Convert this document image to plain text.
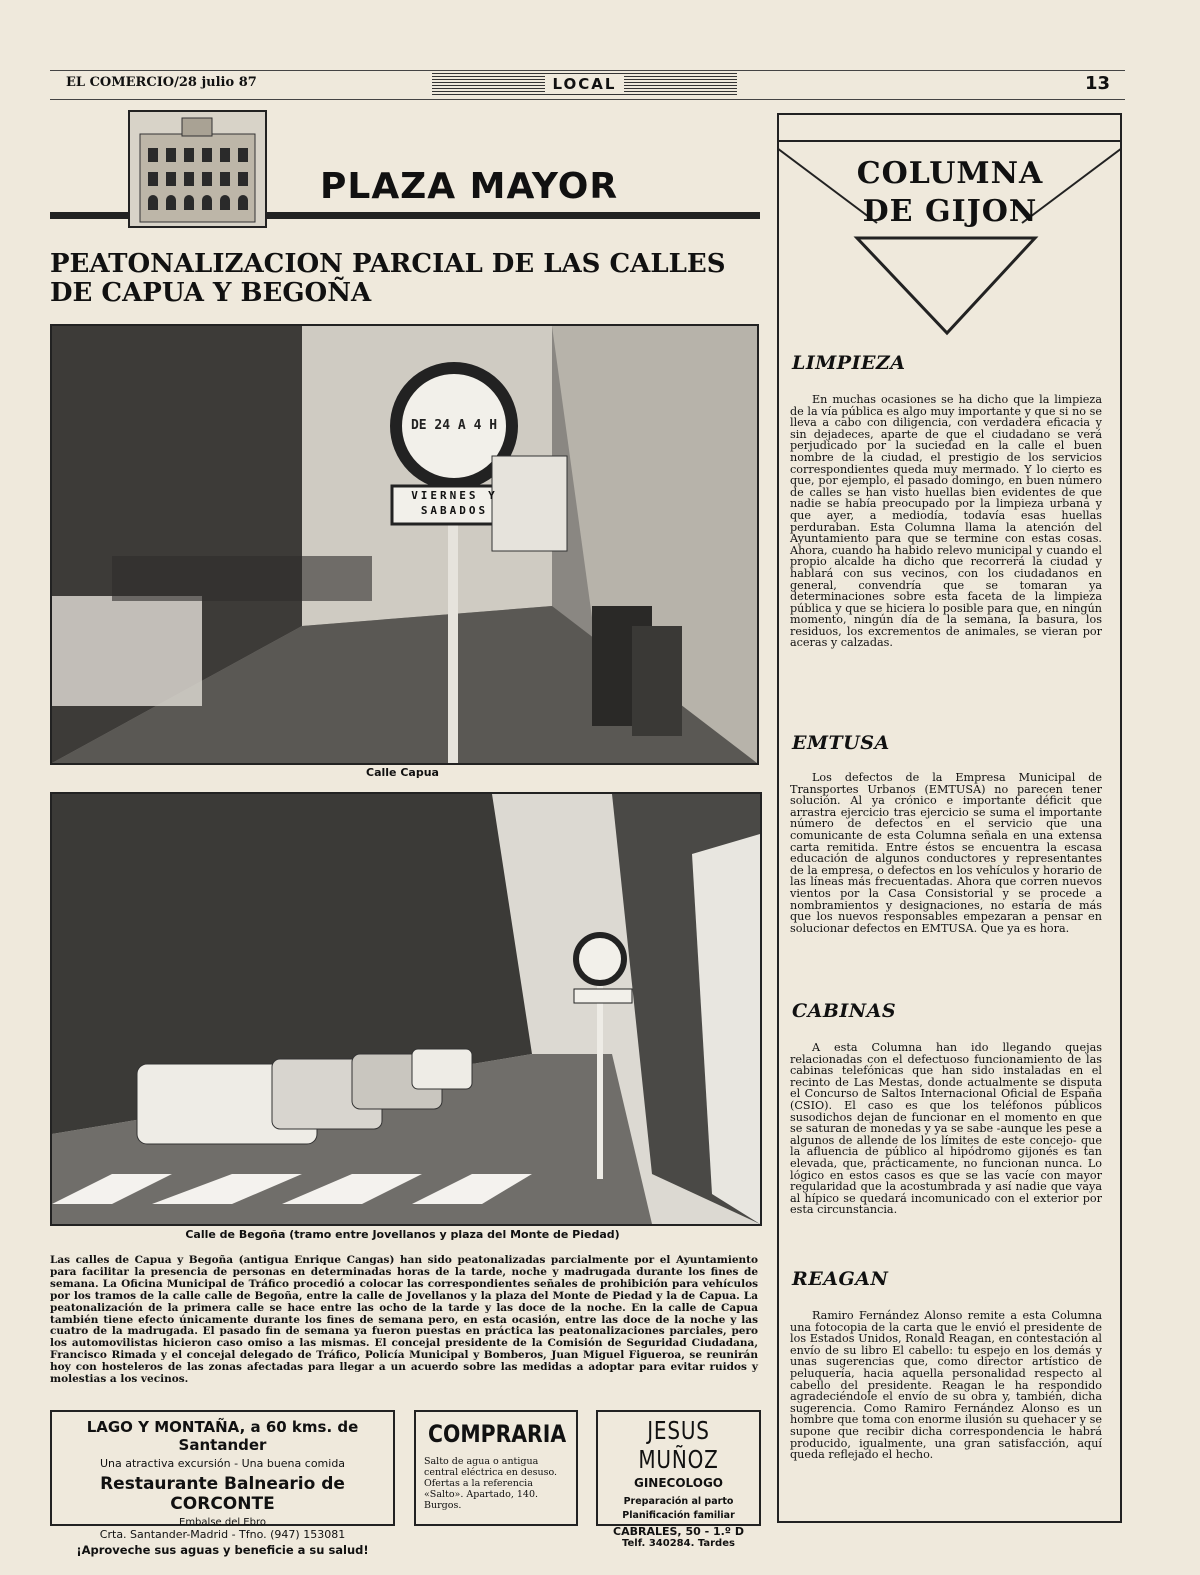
EL COMERCIO/28 julio 87	LOCAL	13
PLAZA MAYOR
PEATONALIZACION PARCIAL DE LAS CALLES DE CAPUA Y BEGOÑA
DE 24 A 4 H
VIERNES Y SABADOS
Calle Capua
Calle de Begoña (tramo entre Jovellanos y plaza del Monte de Piedad)
Las calles de Capua y Begoña (antigua Enrique Cangas) han sido peatonalizadas parcialmente por el Ayuntamiento para facilitar la presencia de personas en determinadas horas de la tarde, noche y madrugada durante los fines de semana. La Oficina Municipal de Tráfico procedió a colocar las correspondientes señales de prohibición para vehículos por los tramos de la calle calle de Begoña, entre la calle de Jovellanos y la plaza del Monte de Piedad y la de Capua. La peatonalización de la primera calle se hace entre las ocho de la tarde y las doce de la noche. En la calle de Capua también tiene efecto únicamente durante los fines de semana pero, en esta ocasión, entre las doce de la noche y las cuatro de la madrugada. El pasado fin de semana ya fueron puestas en práctica las peatonalizaciones parciales, pero los automovilistas hicieron caso omiso a las mismas. El concejal presidente de la Comisión de Seguridad Ciudadana, Francisco Rimada y el concejal delegado de Tráfico, Policía Municipal y Bomberos, Juan Miguel Figueroa, se reunirán hoy con hosteleros de las zonas afectadas para llegar a un acuerdo sobre las medidas a adoptar para evitar ruidos y molestias a los vecinos.
LAGO Y MONTAÑA, a 60 kms. de Santander
Una atractiva excursión - Una buena comida
Restaurante Balneario de CORCONTE
Embalse del Ebro
Crta. Santander-Madrid - Tfno. (947) 153081
¡Aproveche sus aguas y beneficie a su salud!
COMPRARIA
Salto de agua o antigua central eléctrica en desuso. Ofertas a la referencia «Salto». Apartado, 140. Burgos.
JESUS MUÑOZ
GINECOLOGO
Preparación al parto
Planificación familiar
CABRALES, 50 - 1.º D
Telf. 340284. Tardes
COLUMNA
DE GIJON
LIMPIEZA
En muchas ocasiones se ha dicho que la limpieza de la vía pública es algo muy importante y que si no se lleva a cabo con diligencia, con verdadera eficacia y sin dejadeces, aparte de que el ciudadano se verá perjudicado por la suciedad en la calle el buen nombre de la ciudad, el prestigio de los servicios correspondientes queda muy mermado. Y lo cierto es que, por ejemplo, el pasado domingo, en buen número de calles se han visto huellas bien evidentes de que nadie se había preocupado por la limpieza urbana y que ayer, a mediodía, todavía esas huellas perduraban. Esta Columna llama la atención del Ayuntamiento para que se termine con estas cosas. Ahora, cuando ha habido relevo municipal y cuando el propio alcalde ha dicho que recorrerá la ciudad y hablará con sus vecinos, con los ciudadanos en general, convendría que se tomaran ya determinaciones sobre esta faceta de la limpieza pública y que se hiciera lo posible para que, en ningún momento, ningún día de la semana, la basura, los residuos, los excrementos de animales, se vieran por aceras y calzadas.
EMTUSA
Los defectos de la Empresa Municipal de Transportes Urbanos (EMTUSA) no parecen tener solución. Al ya crónico e importante déficit que arrastra ejercicio tras ejercicio se suma el importante número de defectos en el servicio que una comunicante de esta Columna señala en una extensa carta remitida. Entre éstos se encuentra la escasa educación de algunos conductores y representantes de la empresa, o defectos en los vehículos y horario de las líneas más frecuentadas. Ahora que corren nuevos vientos por la Casa Consistorial y se procede a nombramientos y designaciones, no estaría de más que los nuevos responsables empezaran a pensar en solucionar defectos en EMTUSA. Que ya es hora.
CABINAS
A esta Columna han ido llegando quejas relacionadas con el defectuoso funcionamiento de las cabinas telefónicas que han sido instaladas en el recinto de Las Mestas, donde actualmente se disputa el Concurso de Saltos Internacional Oficial de España (CSIO). El caso es que los teléfonos públicos susodichos dejan de funcionar en el momento en que se saturan de monedas y ya se sabe -aunque les pese a algunos de allende de los límites de este concejo- que la afluencia de público al hipódromo gijonés es tan elevada, que, prácticamente, no funcionan nunca. Lo lógico en estos casos es que se las vacíe con mayor regularidad que la acostumbrada y así nadie que vaya al hípico se quedará incomunicado con el exterior por esta circunstancia.
REAGAN
Ramiro Fernández Alonso remite a esta Columna una fotocopia de la carta que le envió el presidente de los Estados Unidos, Ronald Reagan, en contestación al envío de su libro El cabello: tu espejo en los demás y unas sugerencias que, como director artístico de peluquería, hacia aquella personalidad respecto al cabello del presidente. Reagan le ha respondido agradeciéndole el envío de su obra y, también, dicha sugerencia. Como Ramiro Fernández Alonso es un hombre que toma con enorme ilusión su quehacer y se supone que recibir dicha correspondencia le habrá producido, igualmente, una gran satisfacción, aquí queda reflejado el hecho.
